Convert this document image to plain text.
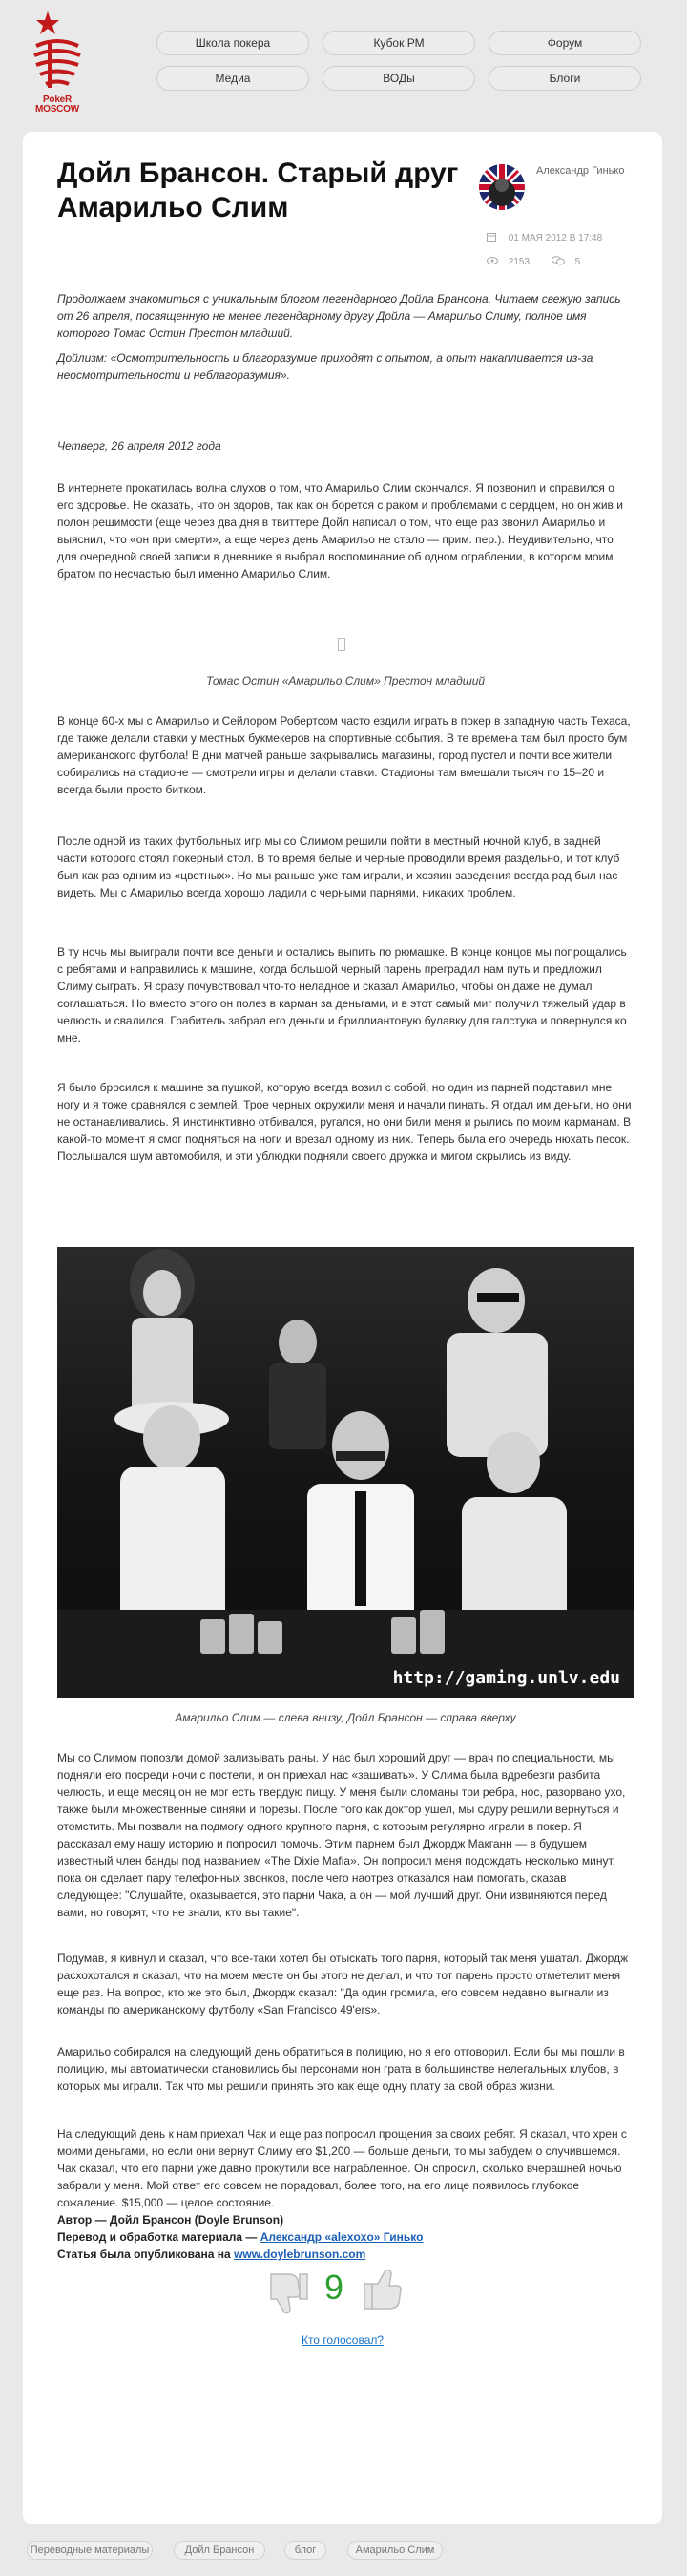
PokeR
MOSCOW
Школа покера	Кубок РМ	Форум
Медиа	ВОДы	Блоги
Дойл Брансон. Старый друг Амарильо Слим
Александр Гинько
01 МАЯ 2012 В 17:48
2153	5

Продолжаем знакомиться с уникальным блогом легендарного Дойла Брансона. Читаем свежую запись от 26 апреля, посвященную не менее легендарному другу Дойла — Амарильо Слиму, полное имя которого Томас Остин Престон младший.

Дойлизм: «Осмотрительность и благоразумие приходят с опытом, а опыт накапливается из-за неосмотрительности и неблагоразумия».

Четверг, 26 апреля 2012 года

В интернете прокатилась волна слухов о том, что Амарильо Слим скончался. Я позвонил и справился о его здоровье. Не сказать, что он здоров, так как он борется с раком и проблемами с сердцем, но он жив и полон решимости (еще через два дня в твиттере Дойл написал о том, что еще раз звонил Амарильо и выяснил, что «он при смерти», а еще через день Амарильо не стало — прим. пер.). Неудивительно, что для очередной своей записи в дневнике я выбрал воспоминание об одном ограблении, в котором моим братом по несчастью был именно Амарильо Слим.

Томас Остин «Амарильо Слим» Престон младший

В конце 60-х мы с Амарильо и Сейлором Робертсом часто ездили играть в покер в западную часть Техаса, где также делали ставки у местных букмекеров на спортивные события. В те времена там был просто бум американского футбола! В дни матчей раньше закрывались магазины, город пустел и почти все жители собирались на стадионе — смотрели игры и делали ставки. Стадионы там вмещали тысяч по 15–20 и всегда были просто битком.

После одной из таких футбольных игр мы со Слимом решили пойти в местный ночной клуб, в задней части которого стоял покерный стол. В то время белые и черные проводили время раздельно, и тот клуб был как раз одним из «цветных». Но мы раньше уже там играли, и хозяин заведения всегда рад был нас видеть. Мы с Амарильо всегда хорошо ладили с черными парнями, никаких проблем.

В ту ночь мы выиграли почти все деньги и остались выпить по рюмашке. В конце концов мы попрощались с ребятами и направились к машине, когда большой черный парень преградил нам путь и предложил Слиму сыграть. Я сразу почувствовал что-то неладное и сказал Амарильо, чтобы он даже не думал соглашаться. Но вместо этого он полез в карман за деньгами, и в этот самый миг получил тяжелый удар в челюсть и свалился. Грабитель забрал его деньги и бриллиантовую булавку для галстука и повернулся ко мне.

Я было бросился к машине за пушкой, которую всегда возил с собой, но один из парней подставил мне ногу и я тоже сравнялся с землей. Трое черных окружили меня и начали пинать. Я отдал им деньги, но они не останавливались. Я инстинктивно отбивался, ругался, но они били меня и рылись по моим карманам. В какой-то момент я смог подняться на ноги и врезал одному из них. Теперь была его очередь нюхать песок. Послышался шум автомобиля, и эти ублюдки подняли своего дружка и мигом скрылись из виду.

http://gaming.unlv.edu

Амарильо Слим — слева внизу, Дойл Брансон — справа вверху

Мы со Слимом попозли домой зализывать раны. У нас был хороший друг — врач по специальности, мы подняли его посреди ночи с постели, и он приехал нас «зашивать». У Слима была вдребезги разбита челюсть, и еще месяц он не мог есть твердую пищу. У меня были сломаны три ребра, нос, разорвано ухо, также были множественные синяки и порезы. После того как доктор ушел, мы сдуру решили вернуться и отомстить. Мы позвали на подмогу одного крупного парня, с которым регулярно играли в покер. Я рассказал ему нашу историю и попросил помочь. Этим парнем был Джордж Макганн — в будущем известный член банды под названием «The Dixie Mafia». Он попросил меня подождать несколько минут, пока он сделает пару телефонных звонков, после чего наотрез отказался нам помогать, сказав следующее: "Слушайте, оказывается, это парни Чака, а он — мой лучший друг. Они извиняются перед вами, но говорят, что не знали, кто вы такие".

Подумав, я кивнул и сказал, что все-таки хотел бы отыскать того парня, который так меня ушатал. Джордж расхохотался и сказал, что на моем месте он бы этого не делал, и что тот парень просто отметелит меня еще раз. На вопрос, кто же это был, Джордж сказал: "Да один громила, его совсем недавно выгнали из команды по американскому футболу «San Francisco 49'ers».

Амарильо собирался на следующий день обратиться в полицию, но я его отговорил. Если бы мы пошли в полицию, мы автоматически становились бы персонами нон грата в большинстве нелегальных клубов, в которых мы играли. Так что мы решили принять это как еще одну плату за свой образ жизни.

На следующий день к нам приехал Чак и еще раз попросил прощения за своих ребят. Я сказал, что хрен с моими деньгами, но если они вернут Слиму его $1,200 — больше деньги, то мы забудем о случившемся. Чак сказал, что его парни уже давно прокутили все награбленное. Он спросил, сколько вчерашней ночью забрали у меня. Мой ответ его совсем не порадовал, более того, на его лице появилось глубокое сожаление. $15,000 — целое состояние.

Автор — Дойл Брансон (Doyle Brunson)
Перевод и обработка материала — Александр «alexoxo» Гинько
Статья была опубликована на www.doylebrunson.com
9
Кто голосовал?
Переводные материалы	Дойл Брансон	блог	Амарильо Слим
